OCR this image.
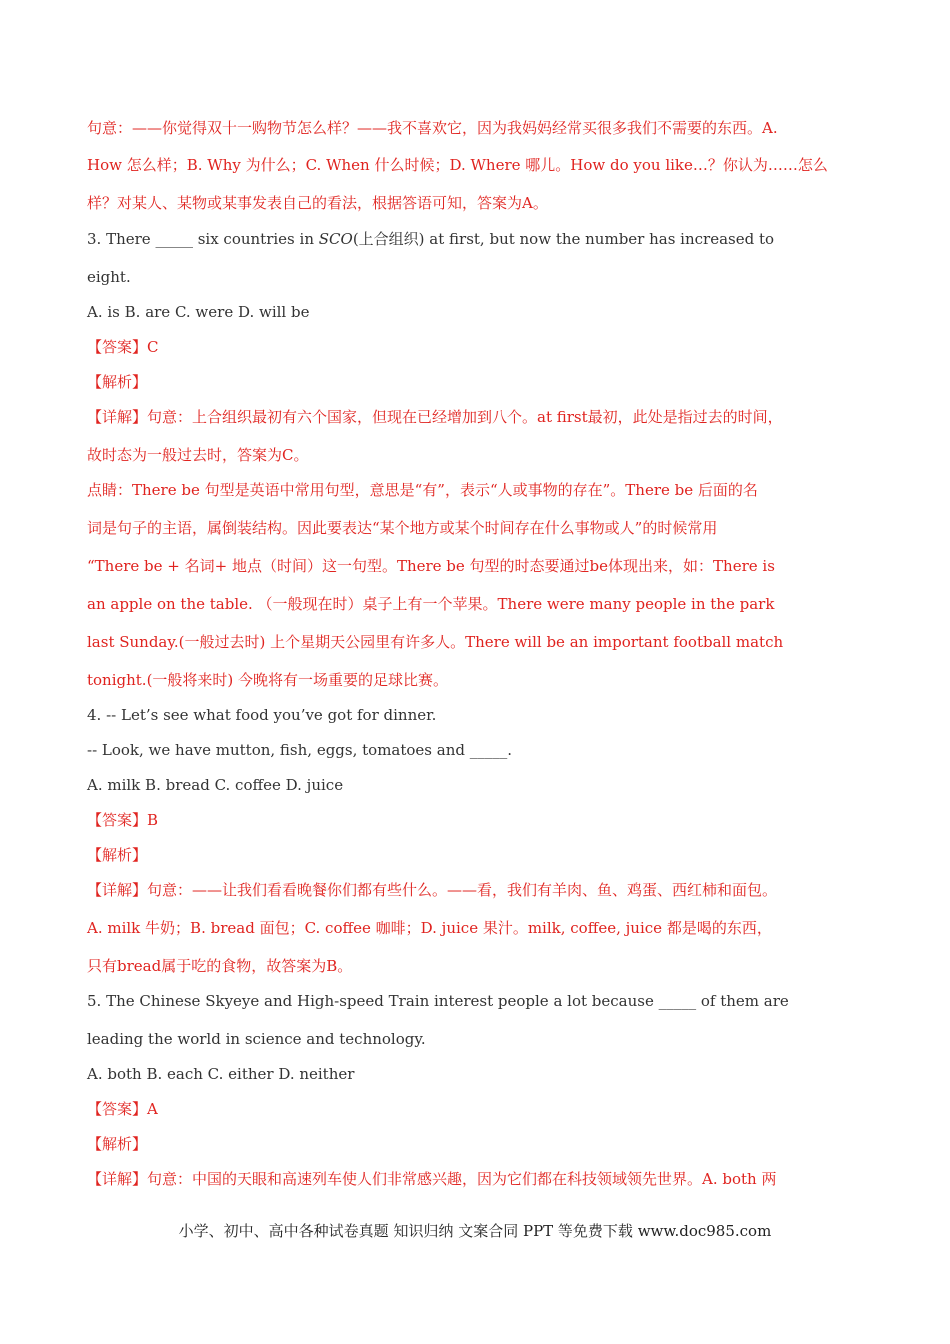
句意：——你觉得双十一购物节怎么样？——我不喜欢它，因为我妈妈经常买很多我们不需要的东西。A.
How 怎么样；B. Why 为什么；C. When 什么时候；D. Where 哪儿。How do you like…？你认为……怎么
样？对某人、某物或某事发表自己的看法，根据答语可知，答案为A。
3. There _____ six countries in SCO(上合组织) at first, but now the number has increased to
eight.
A. is B. are C. were D. will be
【答案】C
【解析】
【详解】句意：上合组织最初有六个国家，但现在已经增加到八个。at first最初，此处是指过去的时间，
故时态为一般过去时，答案为C。
点睛：There be 句型是英语中常用句型，意思是“有”，表示“人或事物的存在”。There be 后面的名
词是句子的主语，属倒装结构。因此要表达“某个地方或某个时间存在什么事物或人”的时候常用
“There be + 名词+ 地点（时间）这一句型。There be 句型的时态要通过be体现出来，如：There is
an apple on the table. （一般现在时）桌子上有一个苹果。There were many people in the park
last Sunday.(一般过去时) 上个星期天公园里有许多人。There will be an important football match
tonight.(一般将来时) 今晚将有一场重要的足球比赛。
4. -- Let’s see what food you’ve got for dinner.
-- Look, we have mutton, fish, eggs, tomatoes and _____.
A. milk B. bread C. coffee D. juice
【答案】B
【解析】
【详解】句意：——让我们看看晚餐你们都有些什么。——看，我们有羊肉、鱼、鸡蛋、西红柿和面包。
A. milk 牛奶；B. bread 面包；C. coffee 咖啡；D. juice 果汁。milk, coffee, juice 都是喝的东西，
只有bread属于吃的食物，故答案为B。
5. The Chinese Skyeye and High-speed Train interest people a lot because _____ of them are
leading the world in science and technology.
A. both B. each C. either D. neither
【答案】A
【解析】
【详解】句意：中国的天眼和高速列车使人们非常感兴趣，因为它们都在科技领域领先世界。A. both 两
小学、初中、高中各种试卷真题 知识归纳 文案合同 PPT 等免费下载 www.doc985.com
